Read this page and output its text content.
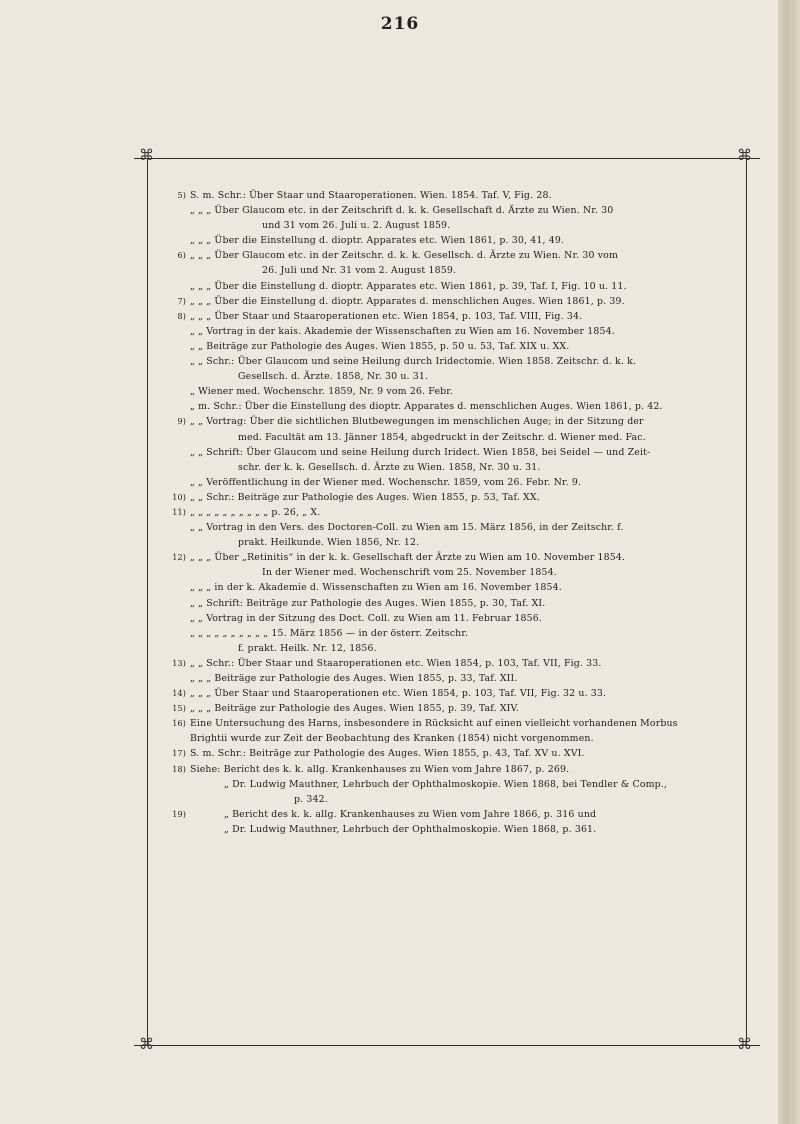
216
⌘	⌘
⌘	⌘
5) S. m. Schr.: Über Staar und Staaroperationen. Wien. 1854. Taf. V, Fig. 28.
„ „ „ Über Glaucom etc. in der Zeitschrift d. k. k. Gesellschaft d. Ärzte zu Wien. Nr. 30
und 31 vom 26. Juli u. 2. August 1859.
„ „ „ Über die Einstellung d. dioptr. Apparates etc. Wien 1861, p. 30, 41, 49.
6) „ „ „ Über Glaucom etc. in der Zeitschr. d. k. k. Gesellsch. d. Ärzte zu Wien. Nr. 30 vom
26. Juli und Nr. 31 vom 2. August 1859.
„ „ „ Über die Einstellung d. dioptr. Apparates etc. Wien 1861, p. 39, Taf. I, Fig. 10 u. 11.
7) „ „ „ Über die Einstellung d. dioptr. Apparates d. menschlichen Auges. Wien 1861, p. 39.
8) „ „ „ Über Staar und Staaroperationen etc. Wien 1854, p. 103, Taf. VIII, Fig. 34.
„ „ Vortrag in der kais. Akademie der Wissenschaften zu Wien am 16. November 1854.
„ „ Beiträge zur Pathologie des Auges. Wien 1855, p. 50 u. 53, Taf. XIX u. XX.
„ „ Schr.: Über Glaucom und seine Heilung durch Iridectomie. Wien 1858. Zeitschr. d. k. k.
Gesellsch. d. Ärzte. 1858, Nr. 30 u. 31.
„ Wiener med. Wochenschr. 1859, Nr. 9 vom 26. Febr.
„ m. Schr.: Über die Einstellung des dioptr. Apparates d. menschlichen Auges. Wien 1861, p. 42.
9) „ „ Vortrag: Über die sichtlichen Blutbewegungen im menschlichen Auge; in der Sitzung der
med. Facultät am 13. Jänner 1854, abgedruckt in der Zeitschr. d. Wiener med. Fac.
„ „ Schrift: Über Glaucom und seine Heilung durch Iridect. Wien 1858, bei Seidel — und Zeit-
schr. der k. k. Gesellsch. d. Ärzte zu Wien. 1858, Nr. 30 u. 31.
„ „ Veröffentlichung in der Wiener med. Wochenschr. 1859, vom 26. Febr. Nr. 9.
10) „ „ Schr.: Beiträge zur Pathologie des Auges. Wien 1855, p. 53, Taf. XX.
11) „ „ „ „ „ „ „ „ „ „ p. 26, „ X.
„ „ Vortrag in den Vers. des Doctoren-Coll. zu Wien am 15. März 1856, in der Zeitschr. f.
prakt. Heilkunde. Wien 1856, Nr. 12.
12) „ „ „ Über „Retinitis“ in der k. k. Gesellschaft der Ärzte zu Wien am 10. November 1854.
In der Wiener med. Wochenschrift vom 25. November 1854.
„ „ „ in der k. Akademie d. Wissenschaften zu Wien am 16. November 1854.
„ „ Schrift: Beiträge zur Pathologie des Auges. Wien 1855, p. 30, Taf. XI.
„ „ Vortrag in der Sitzung des Doct. Coll. zu Wien am 11. Februar 1856.
„ „ „ „ „ „ „ „ „ „ 15. März 1856 — in der österr. Zeitschr.
f. prakt. Heilk. Nr. 12, 1856.
13) „ „ Schr.: Über Staar und Staaroperationen etc. Wien 1854, p. 103, Taf. VII, Fig. 33.
„ „ „ Beiträge zur Pathologie des Auges. Wien 1855, p. 33, Taf. XII.
14) „ „ „ Über Staar und Staaroperationen etc. Wien 1854, p. 103, Taf. VII, Fig. 32 u. 33.
15) „ „ „ Beiträge zur Pathologie des Auges. Wien 1855, p. 39, Taf. XIV.
16) Eine Untersuchung des Harns, insbesondere in Rücksicht auf einen vielleicht vorhandenen Morbus
Brightii wurde zur Zeit der Beobachtung des Kranken (1854) nicht vorgenommen.
17) S. m. Schr.: Beiträge zur Pathologie des Auges. Wien 1855, p. 43, Taf. XV u. XVI.
18) Siehe: Bericht des k. k. allg. Krankenhauses zu Wien vom Jahre 1867, p. 269.
„ Dr. Ludwig Mauthner, Lehrbuch der Ophthalmoskopie. Wien 1868, bei Tendler & Comp.,
p. 342.
19)	„ Bericht des k. k. allg. Krankenhauses zu Wien vom Jahre 1866, p. 316 und
„ Dr. Ludwig Mauthner, Lehrbuch der Ophthalmoskopie. Wien 1868, p. 361.
